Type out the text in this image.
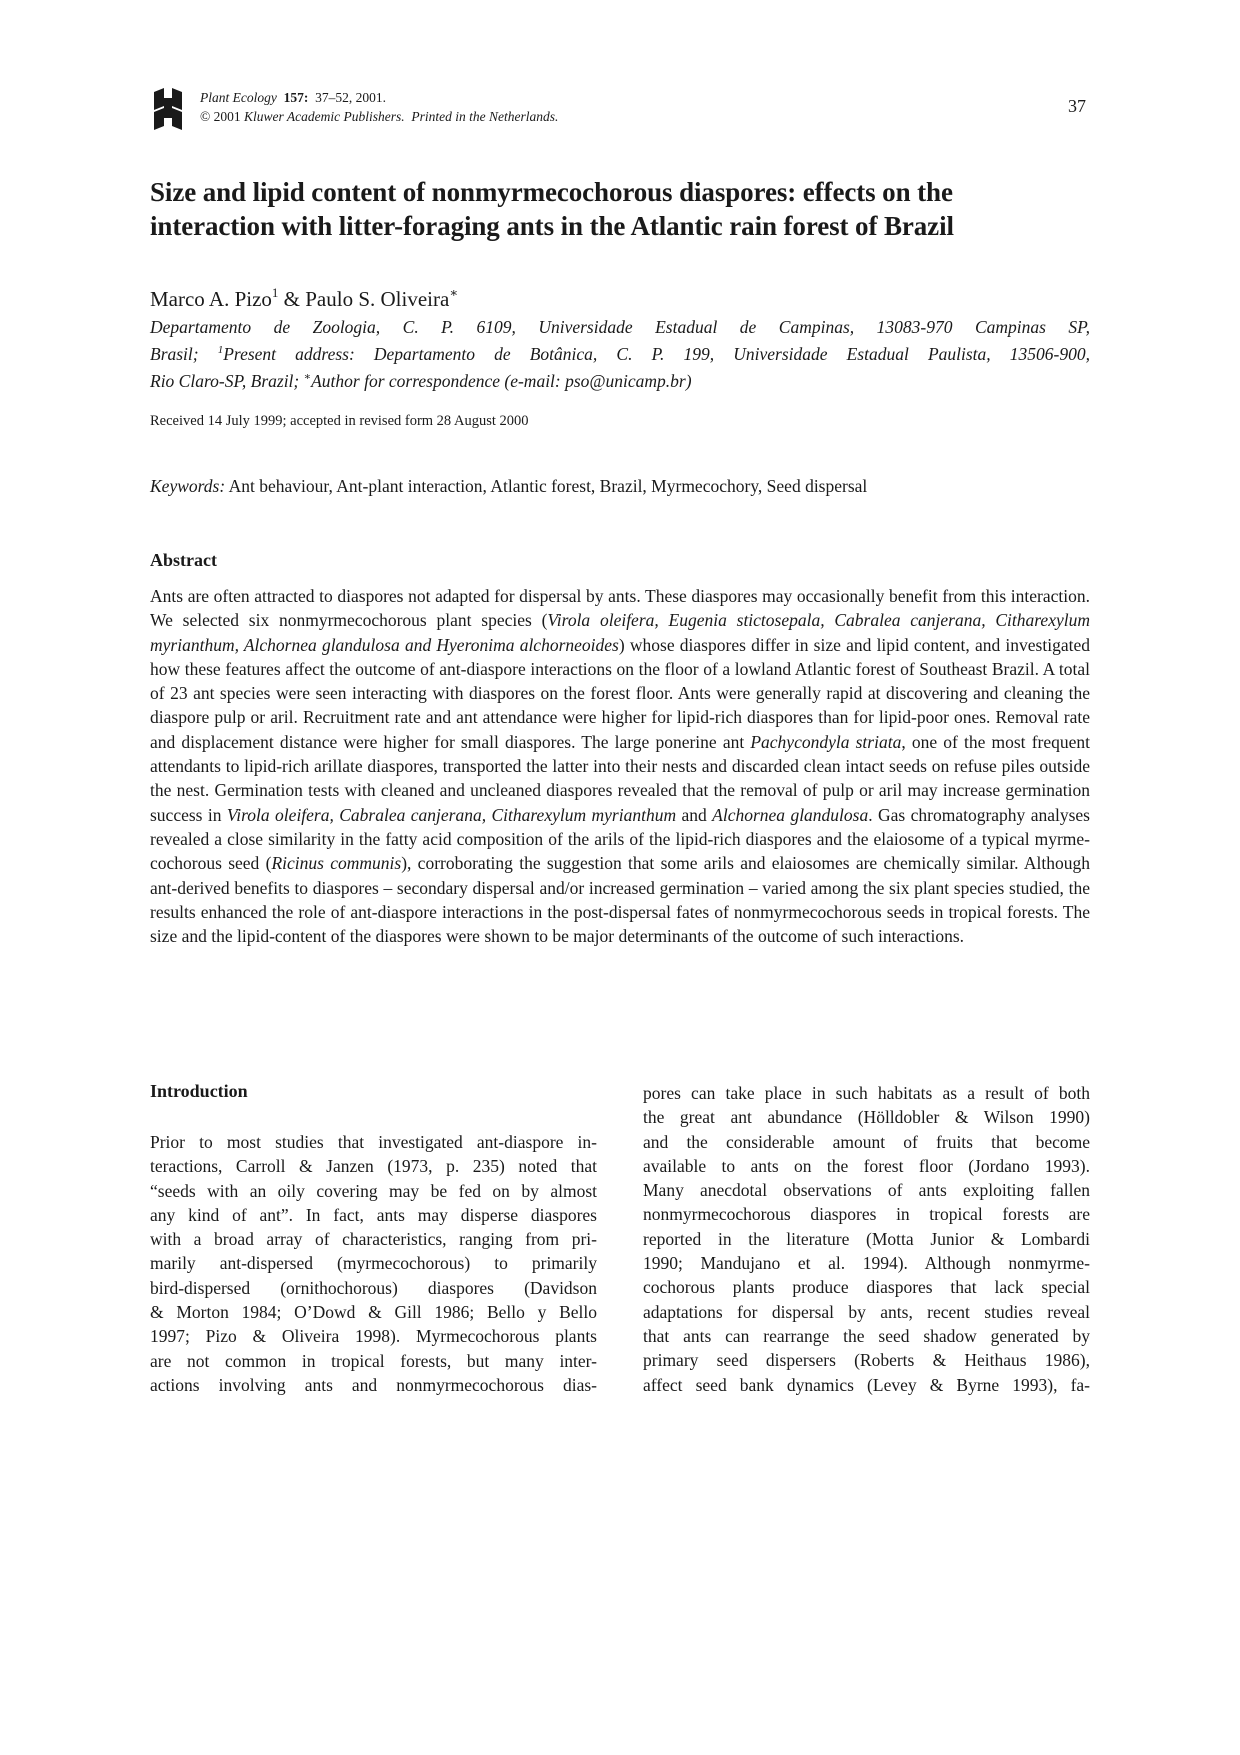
Plant Ecology 157: 37–52, 2001.
© 2001 Kluwer Academic Publishers. Printed in the Netherlands.
37
Size and lipid content of nonmyrmecochorous diaspores: effects on the
interaction with litter-foraging ants in the Atlantic rain forest of Brazil
Marco A. Pizo$^1$ & Paulo S. Oliveira∗
Departamento de Zoologia, C. P. 6109, Universidade Estadual de Campinas, 13083-970 Campinas SP,
Brasil; $^1$Present address: Departamento de Botânica, C. P. 199, Universidade Estadual Paulista, 13506-900,
Rio Claro-SP, Brazil; ∗Author for correspondence (e-mail: pso@unicamp.br)
Received 14 July 1999; accepted in revised form 28 August 2000
Keywords: Ant behaviour, Ant-plant interaction, Atlantic forest, Brazil, Myrmecochory, Seed dispersal
Abstract
Ants are often attracted to diaspores not adapted for dispersal by ants. These diaspores may occasionally benefit from this interaction. We selected six nonmyrmecochorous plant species (Virola oleifera, Eugenia stictosepala, Cabralea canjerana, Citharexylum myrianthum, Alchornea glandulosa and Hyeronima alchorneoides) whose diaspores differ in size and lipid content, and investigated how these features affect the outcome of ant-diaspore interactions on the floor of a lowland Atlantic forest of Southeast Brazil. A total of 23 ant species were seen interacting with diaspores on the forest floor. Ants were generally rapid at discovering and cleaning the diaspore pulp or aril. Recruitment rate and ant attendance were higher for lipid-rich diaspores than for lipid-poor ones. Removal rate and displacement distance were higher for small diaspores. The large ponerine ant Pachycondyla striata, one of the most frequent attendants to lipid-rich arillate diaspores, transported the latter into their nests and discarded clean intact seeds on refuse piles outside the nest. Germination tests with cleaned and uncleaned diaspores revealed that the removal of pulp or aril may increase germination success in Virola oleifera, Cabralea canjerana, Citharexylum myrianthum and Alchornea glandulosa. Gas chromatography analyses revealed a close similarity in the fatty acid composition of the arils of the lipid-rich diaspores and the elaiosome of a typical myrmecochorous seed (Ricinus communis), corroborating the suggestion that some arils and elaiosomes are chemically similar. Although ant-derived benefits to diaspores – secondary dispersal and/or increased germination – varied among the six plant species studied, the results enhanced the role of ant-diaspore interactions in the post-dispersal fates of nonmyrmecochorous seeds in tropical forests. The size and the lipid-content of the diaspores were shown to be major determinants of the outcome of such interactions.
Introduction
Prior to most studies that investigated ant-diaspore in-
teractions, Carroll & Janzen (1973, p. 235) noted that
“seeds with an oily covering may be fed on by almost
any kind of ant”. In fact, ants may disperse diaspores
with a broad array of characteristics, ranging from pri-
marily ant-dispersed (myrmecochorous) to primarily
bird-dispersed (ornithochorous) diaspores (Davidson
& Morton 1984; O’Dowd & Gill 1986; Bello y Bello
1997; Pizo & Oliveira 1998). Myrmecochorous plants
are not common in tropical forests, but many inter-
actions involving ants and nonmyrmecochorous dias-
pores can take place in such habitats as a result of both
the great ant abundance (Hölldobler & Wilson 1990)
and the considerable amount of fruits that become
available to ants on the forest floor (Jordano 1993).
Many anecdotal observations of ants exploiting fallen
nonmyrmecochorous diaspores in tropical forests are
reported in the literature (Motta Junior & Lombardi
1990; Mandujano et al. 1994). Although nonmyrme-
cochorous plants produce diaspores that lack special
adaptations for dispersal by ants, recent studies reveal
that ants can rearrange the seed shadow generated by
primary seed dispersers (Roberts & Heithaus 1986),
affect seed bank dynamics (Levey & Byrne 1993), fa-
